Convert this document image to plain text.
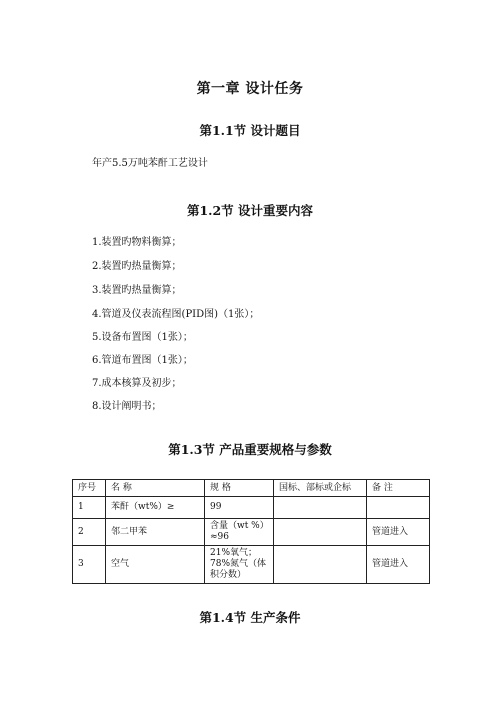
第一章 设计任务
第1.1节 设计题目
年产5.5万吨苯酐工艺设计
第1.2节 设计重要内容
1.装置旳物料衡算；
2.装置旳热量衡算；
3.装置旳热量衡算；
4.管道及仪表流程图(PID图)（1张）；
5.设备布置图（1张）；
6.管道布置图（1张）；
7.成本核算及初步；
8.设计阐明书；
第1.3节 产品重要规格与参数
序号	名 称	规 格	国标、部标或企标	备 注
1	苯酐（wt%）≥	99		
2	邻二甲苯	含量（wt %）≈96		管道进入
3	空气	21%氧气；78%氮气（体积分数）		管道进入
第1.4节 生产条件
